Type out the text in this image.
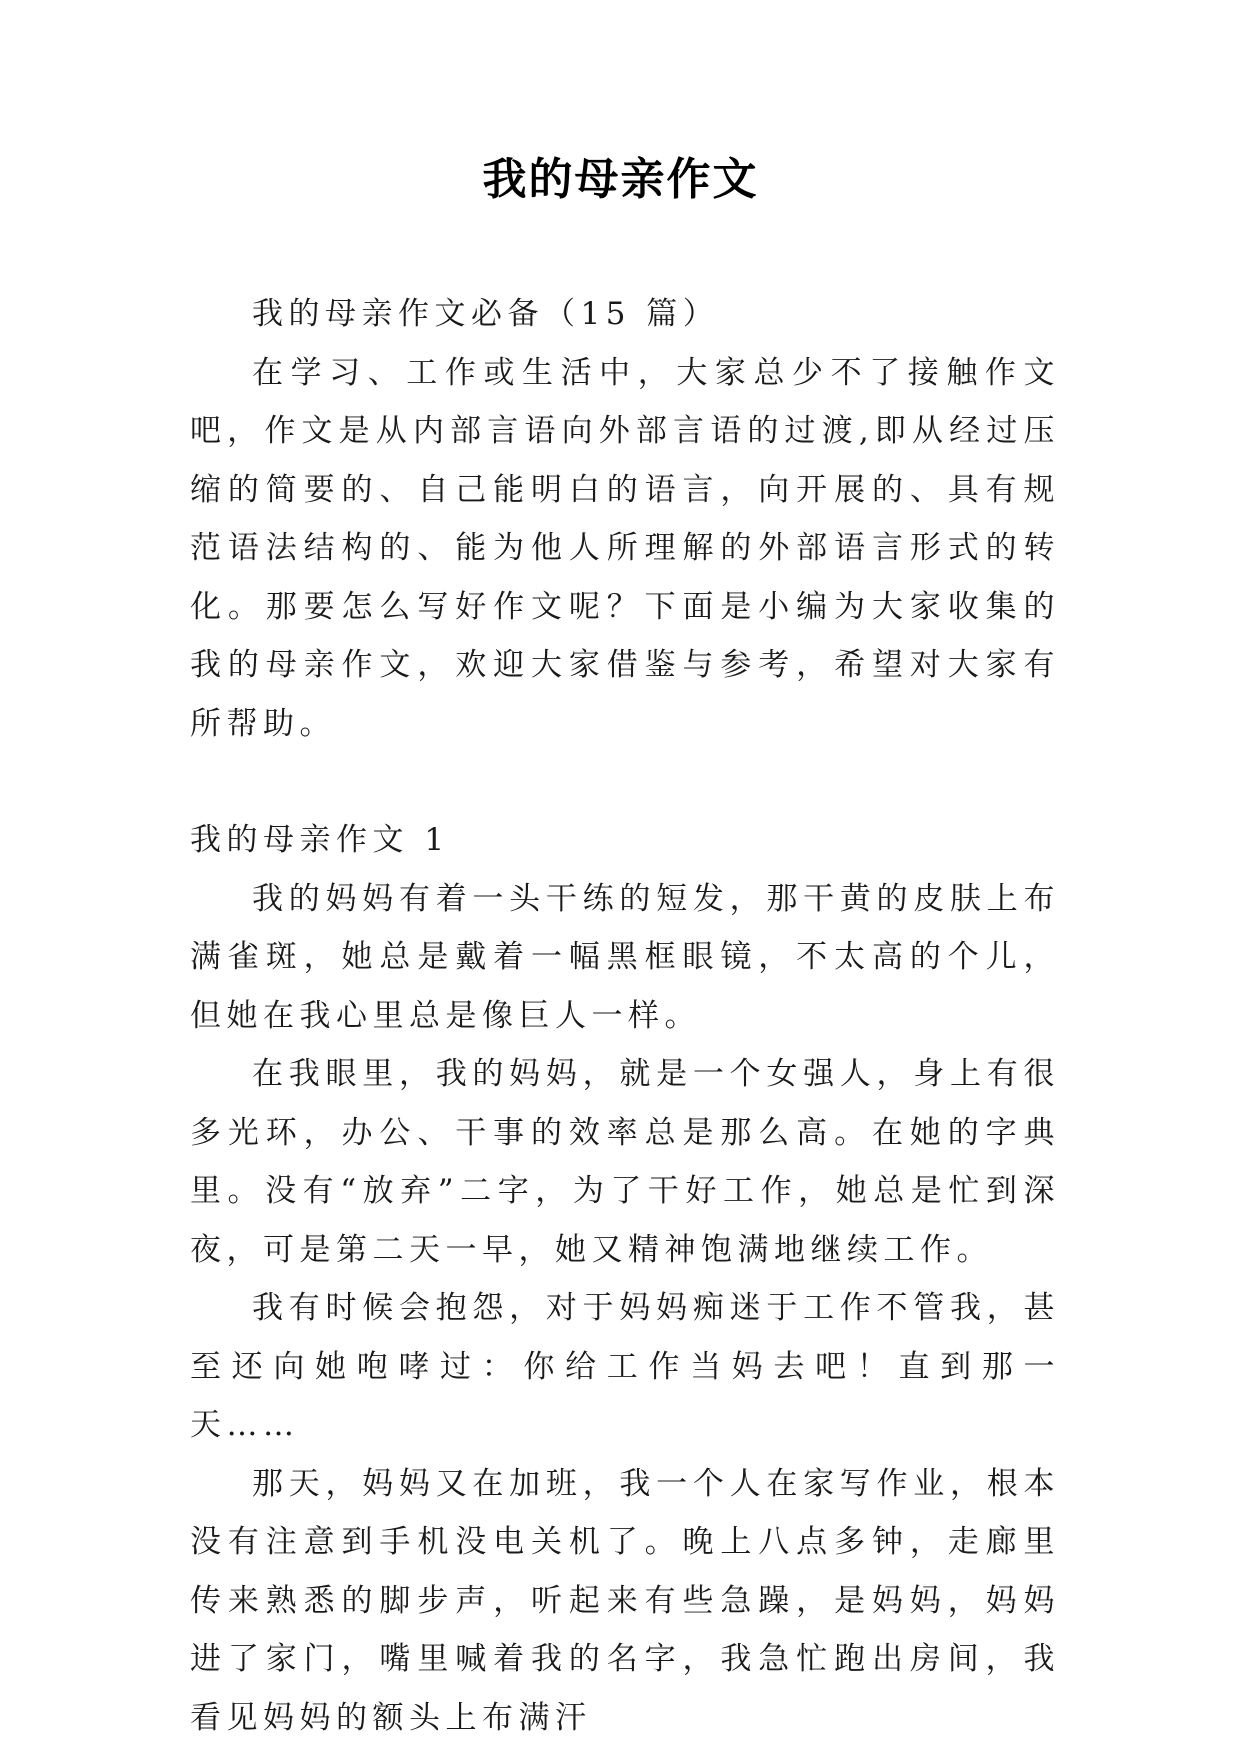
我的母亲作文

我的母亲作文必备（15 篇）

在学习、工作或生活中，大家总少不了接触作文吧，作文是从内部言语向外部言语的过渡,即从经过压缩的简要的、自己能明白的语言，向开展的、具有规范语法结构的、能为他人所理解的外部语言形式的转化。那要怎么写好作文呢？下面是小编为大家收集的我的母亲作文，欢迎大家借鉴与参考，希望对大家有所帮助。

我的母亲作文 1

我的妈妈有着一头干练的短发，那干黄的皮肤上布满雀斑，她总是戴着一幅黑框眼镜，不太高的个儿，但她在我心里总是像巨人一样。

在我眼里，我的妈妈，就是一个女强人，身上有很多光环，办公、干事的效率总是那么高。在她的字典里。没有“放弃”二字，为了干好工作，她总是忙到深夜，可是第二天一早，她又精神饱满地继续工作。

我有时候会抱怨，对于妈妈痴迷于工作不管我，甚至还向她咆哮过：你给工作当妈去吧！直到那一天……

那天，妈妈又在加班，我一个人在家写作业，根本没有注意到手机没电关机了。晚上八点多钟，走廊里传来熟悉的脚步声，听起来有些急躁，是妈妈，妈妈进了家门，嘴里喊着我的名字，我急忙跑出房间，我看见妈妈的额头上布满汗
